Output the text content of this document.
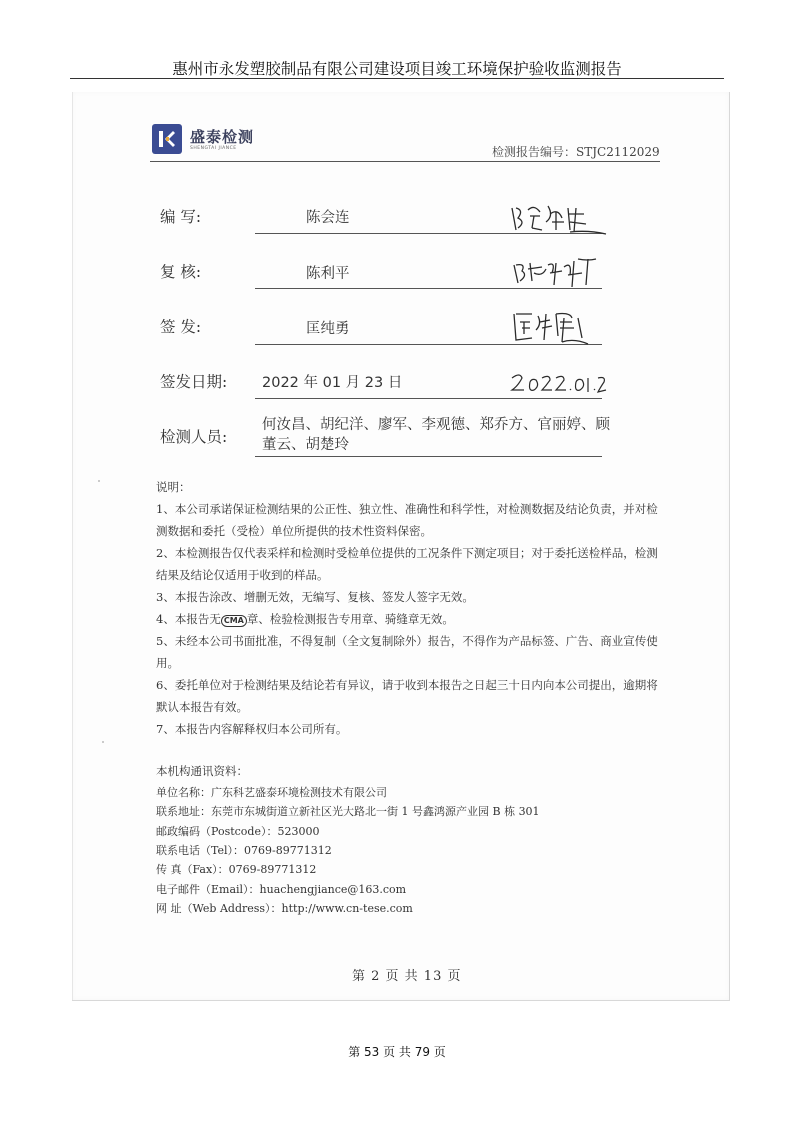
惠州市永发塑胶制品有限公司建设项目竣工环境保护验收监测报告
盛泰检测
SHENGTAI JIANCE	检测报告编号：STJC2112029
编 写:	陈会连
复 核:	陈利平
签 发:	匡纯勇
签发日期: 2022 年 01 月 23 日
检测人员:
何汝昌、胡纪洋、廖军、李观德、郑乔方、官丽婷、顾董云、胡楚玲
说明：
1、本公司承诺保证检测结果的公正性、独立性、准确性和科学性，对检测数据及结论负责，并对检测数据和委托（受检）单位所提供的技术性资料保密。
2、本检测报告仅代表采样和检测时受检单位提供的工况条件下测定项目；对于委托送检样品，检测结果及结论仅适用于收到的样品。
3、本报告涂改、增删无效，无编写、复核、签发人签字无效。
4、本报告无 CMA 章、检验检测报告专用章、骑缝章无效。
5、未经本公司书面批准，不得复制（全文复制除外）报告，不得作为产品标签、广告、商业宣传使用。
6、委托单位对于检测结果及结论若有异议，请于收到本报告之日起三十日内向本公司提出，逾期将默认本报告有效。
7、本报告内容解释权归本公司所有。
本机构通讯资料：
单位名称：广东科艺盛泰环境检测技术有限公司
联系地址：东莞市东城街道立新社区光大路北一街 1 号鑫鸿源产业园 B 栋 301
邮政编码（Postcode）：523000
联系电话（Tel）：0769-89771312
传 真（Fax）：0769-89771312
电子邮件（Email）：huachengjiance@163.com
网 址（Web Address）：http://www.cn-tese.com
第 2 页 共 13 页
第 53 页 共 79 页
